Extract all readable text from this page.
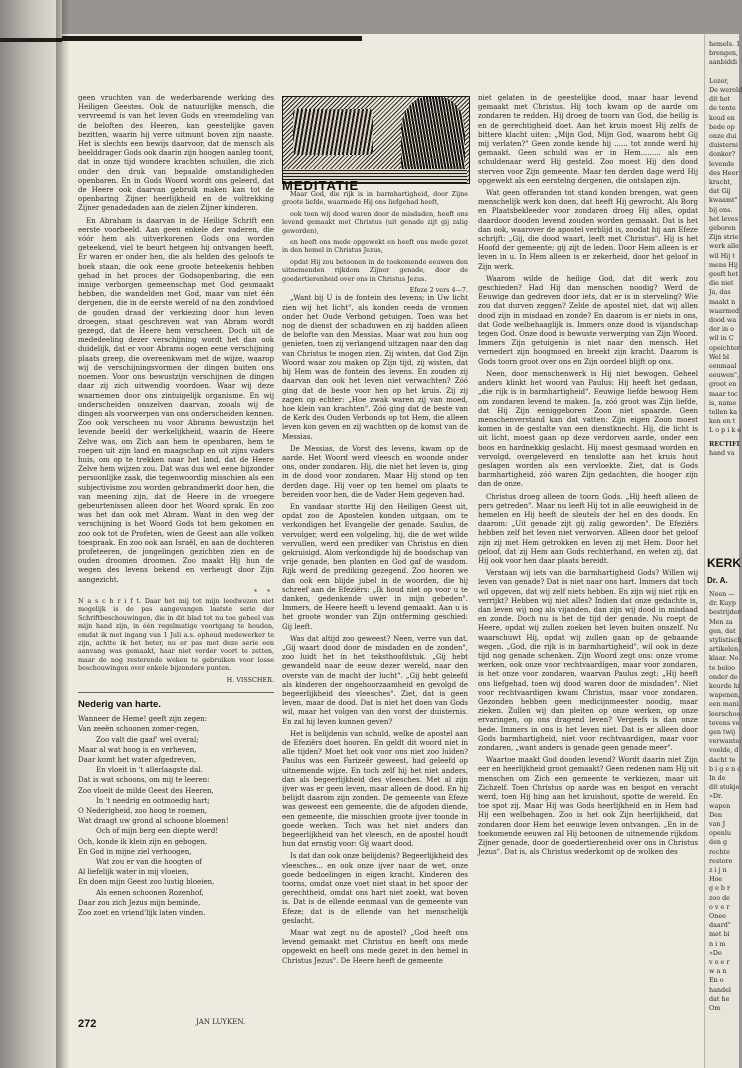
geen vruchten van de wederbarende werking des Heiligen Geestes. Ook de natuurlijke mensch, die vervreemd is van het leven Gods en vreemdeling van de beloften des Heeren, kan geestelijke gaven bezitten, waarin hij verre uitmunt boven zijn naaste. Het is slechts een bewijs daarvoor, dat de mensch als beelddrager Gods ook daarin zijn hoogen aanleg toont, dat in onze tijd wondere krachten schuilen, die zich onder den druk van bepaalde omstandigheden openbaren. En in Gods Woord wordt ons geleerd, dat de Heere ook daarvan gebruik maken kan tot de openbaring Zijner heerlijkheid en de voltrekking Zijner genadedaden aan de zielen Zijner kinderen.

En Abraham is daarvan in de Heilige Schrift een eerste voorbeeld. Aan geen enkele der vaderen, die vóór hem als uitverkorenen Gods ons worden geteekend, viel te beurt hetgeen hij ontvangen heeft. Er waren er onder hen, die als helden des geloofs te boek staan, die ook eene groote beteekenis hebben gehad in het proces der Godsopenbaring, die een innige verborgen gemeenschap met God gesmaakt hebben, die wandelden met God, maar van niet één dergenen, die in de eerste wereld of na den zondvloed de gouden draad der verkiezing door hun leven droegen, staat geschreven wat van Abram wordt gezegd, dat de Heere hem verscheen. Doch uit de mededeeling dezer verschijning wordt het dan ook duidelijk, dat er voor Abrams oogen eene verschijning plaats greep, die overeenkwam met de wijze, waarop wij de verschijningsvormen der dingen buiten ons noemen. Voor ons bewustzijn verschijnen de dingen daar zij zich uitwendig voordoen. Waar wij deze waarnemen door ons zintuigelijk organisme. En wij onderscheiden onszelven daarvan, zooals wij de dingen als voorwerpen van ons onderscheiden kennen. Zoo ook verscheen nu voor Abrams bewustzijn het levende beeld der werkelijkheid, waarin de Heere Zelve was, om Zich aan hem te openbaren, hem te roepen uit zijn land en maagschap en uit zijns vaders huis, om op te trekken naar het land, dat de Heere Zelve hem wijzen zou. Dat was dus wel eene bijzonder persoonlijke zaak, die tegenwoordig misschien als een subjectivisme zou worden gebrandmerkt door hen, die van meening zijn, dat de Heere in de vroegere gebeurtenissen alleen door het Woord sprak. En zoo was het dan ook met Abram. Want in den weg der verschijning is het Woord Gods tot hem gekomen en zoo ook tot de Profeten, wien de Geest aan alle volken toespraak. En zoo ook aan Israël, en aan de dochteren profeteeren, de jongelingen gezichten zien en de ouden droomen droomen. Zoo maakt Hij hun de wegen des levens bekend en verheugt door Zijn aangezicht.

* *

N a s c h r i f t. Daar het mij tot mijn leedwezen niet mogelijk is de pas aangevangen laatste serie der Schriftbeschouwingen, die in dit blad tot nu toe geheel van mijn hand zijn, in één regelmatige voortgang te houden, omdat ik met ingang van 1 Juli a.s. ophoud medewerker te zijn, achtte ik het beter, nu er pas met deze serie een aanvang was gemaakt, haar niet verder voort te zetten, maar de nog resterende weken te gebruiken voor losse beschouwingen over enkele bijzondere punten.

H. VISSCHER.
Nederig van harte.

Wanneer de Heme! geeft zijn zegen:

Van zeeën schoonen zomer-regen,

Zoo valt die gaaf' wel overal;

Maar al wat hoog is en verheven,

Daar komt het water afgedreven,

En vloeit in 't allerlaagste dal.

Dat is wat schoons, om mij te leeren:

Zoo vloeit de milde Geest des Heeren,

In 't needrig en ootmoedig hart;

O Nederigheid, zoo hoog te roemen,

Wat draagt uw grond al schoone bloemen!

Och of mijn berg een diepte werd!

Och, konde ik klein zijn en gebogen,

En God in mijne ziel verhoogen,

Wat zou er van die hoogten of

Al liefelijk water in mij vloeien,

En doen mijn Geest zoo lustig bloeien,

Als eenen schoonen Rozenhof,

Daar zou zich Jezus mijn beminde,

Zoo zoet en vriend'lijk laten vinden.

272	JAN LUYKEN.
MEDITATIE

Maar God, die rijk is in barmhartigheid, door Zijne groote liefde, waarmede Hij ons liefgehad heeft,

ook toen wij dood waren door de misdaden, heeft ons levend gemaakt met Christus (uit genade zijt gij zalig geworden),

en heeft ons mede opgewekt en heeft ons mede gezet in den hemel in Christus Jezus,

opdat Hij zou betoonen in de toekomende eeuwen den uitnemenden rijkdom Zijner genade, door de goedertierenheid over ons in Christus Jezus.

Efeze 2 vers 4—7.

„Want bij U is de fontein des levens; in Uw licht zien wij het licht", als konden reeds de vromen onder het Oude Verbond getuigen. Toen was het nog de dienst der schaduwen en zij hadden alleen de belofte van den Messias. Maar wat zou hun oog genieten, toen zij verlangend uitzagen naar den dag van Christus te mogen zien. Zij wisten, dat God Zijn Woord waar zou maken op Zijn tijd, zij wisten, dat bij Hem was de fontein des levens. En zouden zij daarvan dan ook het leven niet verwachten? Zóó ging dat de beste voor hen op het kruis. Zij zij zagen op echter: „Hoe zwak waren zij van moed, hoe klein van krachten". Zóó ging dat de beste van de Kerk des Ouden Verbonds op tot Hem, die alleen leven kon geven en zij wachtten op de komst van de Messias.

De Messias, de Vorst des levens, kwam op de aarde. Het Woord werd vleesch en woonde onder ons, onder zondaren. Hij, die niet het leven is, ging in de dood voor zondaren. Maar Hij stond op ten derden dage. Hij voer op ten hemel om plaats te bereiden voor hen, die de Vader Hem gegeven had.

En vandaar stortte Hij den Heiligen Geest uit, opdat zoo de Apostelen konden uitgaan, om te verkondigen het Evangelie der genade. Saulus, de vervolger, werd een volgeling, hij, die de wet wilde vervullen, werd een prediker van Christus en dien gekruisigd. Alom verkondigde hij de boodschap van vrije genade, ben planten en God gaf de wasdom. Rijk werd de prediking gezegend. Zoo hooren we dan ook een blijde jubel in de woorden, die hij schreef aan de Efeziërs: „Ik houd niet op voor u te danken, gedenkende uwer in mijn gebeden". Immers, de Heere heeft u levend gemaakt. Aan u is het groote wonder van Zijn ontferming geschied: Gij leeft.

Was dat altijd zoo geweest? Neen, verre van dat. „Gij waart dood door de misdaden en de zonden", zoo luidt het in het teksthoofdstuk. „Gij hebt gewandeld naar de eeuw dezer wereld, naar den overste van de macht der lucht". „Gij hebt geleefd als kinderen der ongehoorzaamheid en gevolgd de begeerlijkheid des vleesches". Ziet, dat is geen leven, maar de dood. Dat is niet het doen van Gods wil, maar het volgen van den vorst der duisternis. En zal hij leven kunnen geven?

Het is belijdenis van schuld, welke de apostel aan de Efeziërs doet hooren. En geldt dit woord niet in alle tijden? Moet het ook voor ons niet zoo luiden? Paulus was een Farizeër geweest, had geleefd op uitnemende wijze. En toch zelf hij het niet anders, dan als begeerlijkheid des vleesches. Met al zijn ijver was er geen leven, maar alleen de dood. En hij belijdt daarom zijn zonden. De gemeente van Efeze was geweest een gemeente, die de afgoden diende, een gemeente, die misschien groote ijver toonde in goede werken. Toch was het niet anders dan begeerlijkheid van het vleesch, en de apostel houdt hun dat ernstig voor: Gij waart dood.

Is dat dan ook onze belijdenis? Begeerlijkheid des vleesches... en ook onze ijver naar de wet, onze goede bedoelingen in eigen kracht. Kinderen des toorns, omdat onze voet niet staat in het spoor der gerechtheid, omdat ons hart niet zoekt, wat boven is. Dat is de ellende eenmaal van de gemeente van Efeze; dat is de ellende van het menschelijk geslacht.

Maar wat zegt nu de apostel? „God heeft ons levend gemaakt met Christus en heeft ons mede opgewekt en heeft ons mede gezet in den hemel in Christus Jezus". De Heere heeft de gemeente

niet gelaten in de geestelijke dood, maar haar levend gemaakt met Christus. Hij toch kwam op de aarde om zondaren te redden. Hij droeg de toorn van God, die heilig is en de gerechtigheid doet. Aan het kruis moest Hij zelfs de bittere klacht uiten: „Mijn God, Mijn God, waarom hebt Gij mij verlaten?" Geen zonde kende hij ...... tot zonde werd hij gemaakt. Geen schuld was er in Hem......... als een schuldenaar werd Hij gesteld. Zoo moest Hij den dood sterven voor Zijn gemeente. Maar ten derden dage werd Hij opgewekt als een eerstelng dergenen, die ontslapen zijn.

Wat geen offeranden tot stand konden brengen, wat geen menschelijk werk kon doen, dat heeft Hij gewrocht. Als Borg en Plaatsbekleeder voor zondaren droeg Hij alles, opdat daardoor dooden levend zouden worden gemaakt. Dat is het dan ook, waarover de apostel verblijd is, zoodat hij aan Efeze schrijft: „Gij, die dood waart, leeft met Christus". Hij is het Hoofd der gemeente; gij zijt de leden. Door Hem alleen is er leven in u. In Hem alleen is er zekerheid, door het geloof in Zijn werk.

Waarom wilde de heilige God, dat dit werk zou geschieden? Had Hij dan menschen noodig? Werd de Eeuwige dan gedreven door iets, dat er is in sterveling? Wie zou dat durven zeggen? Zelde de apostel niet, dat wij allen dood zijn in misdaad en zonde? En daarom is er niets in ons, dat Gode welbehaaglijk is. Immers onze dood is vijandschap tegen God. Onze dood is bewuste verwerping van Zijn Woord. Immers Zijn getuigenis is niet naar den mensch. Het vernedert zijn hoogmoed en breekt zijn kracht. Daarom is Gods toorn groot over ons en Zijn oordeel blijft op ons.

Neen, door menschenwerk is Hij niet bewogen. Geheel anders klinkt het woord van Paulus: Hij heeft het gedaan, „die rijk is in barmhartigheid". Eeuwige liefde bewoog Hem om zondaren levend te maken. Ja, zóó groot was Zijn liefde, dat Hij Zijn eeniggeboren Zoon niet spaarde. Geen menschenverstand kan dat vatten: Zijn eigen Zoon moest komen in de gestalte van een dienstknecht. Hij, die licht is uit licht, moest gaan op deze verdorven aarde, onder een boos en hardnekkig geslacht. Hij moest gesmaad worden en vervolgd, overgeleverd en tenslotte aan het kruis hout geslagen worden als een vervloekte. Ziet, dat is Gods barmhartigheid, zóó waren Zijn gedachten, die hooger zijn dan de onze.

Christus droeg alleen de toorn Gods. „Hij heeft alleen de pers getreden". Maar nu leeft Hij tot in alle eeuwigheid in de hemelen en Hij heeft de sleutels der hel en des doods. En daarom: „Uit genade zijt gij zalig geworden". De Efeziërs hebben zelf het leven niet verworven. Alleen door het geloof zijn zij met Hem getrokken en leven zij met Hem. Door het geloof, dat zij Hem aan Gods rechterhand, en weten zij, dat Hij ook voor hen daar plaats bereidt.

Verstaan wij iets van die barmhartigheid Gods? Willen wij leven van genade? Dat is niet naar ons hart. Immers dat toch wil opgeven, dat wij zelf niets hebben. En zijn wij niet rijk en verrijkt? Hebben wij niet alles? Indien dat onze gedachte is, dan leven wij nog als vijanden, dan zijn wij dood in misdaad en zonde. Doch nu is het de tijd der genade. Nu roept de Heere, opdat wij zullen zoeken het leven buiten onszelf. Nu waarschuwt Hij, opdat wij zullen gaan op de gebaande wegen. „God, die rijk is in barmhartigheid", wil ook in deze tijd nog genade schenken. Zijn Woord zegt ons: onze vrome werken, ook onze voor rechtvaardigen, maar voor zondaren, is het onze voor zondaren, waarvan Paulus zegt: „Hij heeft ons liefgehad, toen wij dood waren door de misdaden". Niet voor rechtvaardigen kwam Christus, maar voor zondaren. Gezonden hebben geen medicijnmeester noodig, maar zieken. Zullen wij dan pleiten op onze werken, op onze ervaringen, op ons dragend leven? Vergeefs is dan onze bede. Immers in ons is het leven niet. Dat is er alleen door Gods barmhartigheid, niet voor rechtvaardigen, maar voor zondaren, „want anders is genade geen genade meer".

Waartoe maakt God dooden levend? Wordt daarin niet Zijn eer en heerlijkheid groot gemaakt? Geen redenen nam Hij uit menschen om Zich een gemeente te verkiezen, maar uit Zichzelf. Toen Christus op aarde was en bespot en veracht werd, toen Hij hing aan het kruishout, spotte de wereld. En toe spot zij. Maar Hij was Gods heerlijkheid en in Hem had Hij een welbehagen. Zoo is het ook Zijn heerlijkheid, dat zondaren door Hem het eeuwige leven ontvangen. „En in de toekomende eeuwen zal Hij betoonen de uitnemende rijkdom Zijner genade, door de goedertierenheid over ons in Christus Jezus". Dat is, als Christus wederkomt op de wolken des

hemels. 1
brengen,
aanbiddi
Lezer,
De wereld
dit het
de tente
koud en
bede op
onze dui
duisterni
donker?
levende
des Heer
kracht,
dat Gij
kwaamt"
bij ons.
het leves
geboren
Zijn strie
werk alle
wil Hij t
mens Hij
geeft het
die niet
Ja, das
maakt n
waarmed
dood wa
der in o
wil in C
opeichter
Wel bl
eenmaal
eeuwen",
groot en
maar toc
is, name
tellen ka
ken en t
L o p i k e
RECTIFI
hand va
KERK
Dr. A.
Neen —
dr. Kuyp
bestrijder
Men za
gen, dat
stylistisch
artikelen,
klaar. No
te beloo
onder de
keurde hi
wapenen,
een mani
leerschoo
tevens ve
gen twij
verwante:
voelde, d
dacht te
b i g e n c
In de
dit stukje
»Dr.
wapen
Den
van J
openlu
den g
rechte
restore
z i j n
Hoe
g e b r
zoo de
o v e r
Onee
daard"
met bi
n i m
»De
v o e r
w a n
En o
handel
dat he
Om
